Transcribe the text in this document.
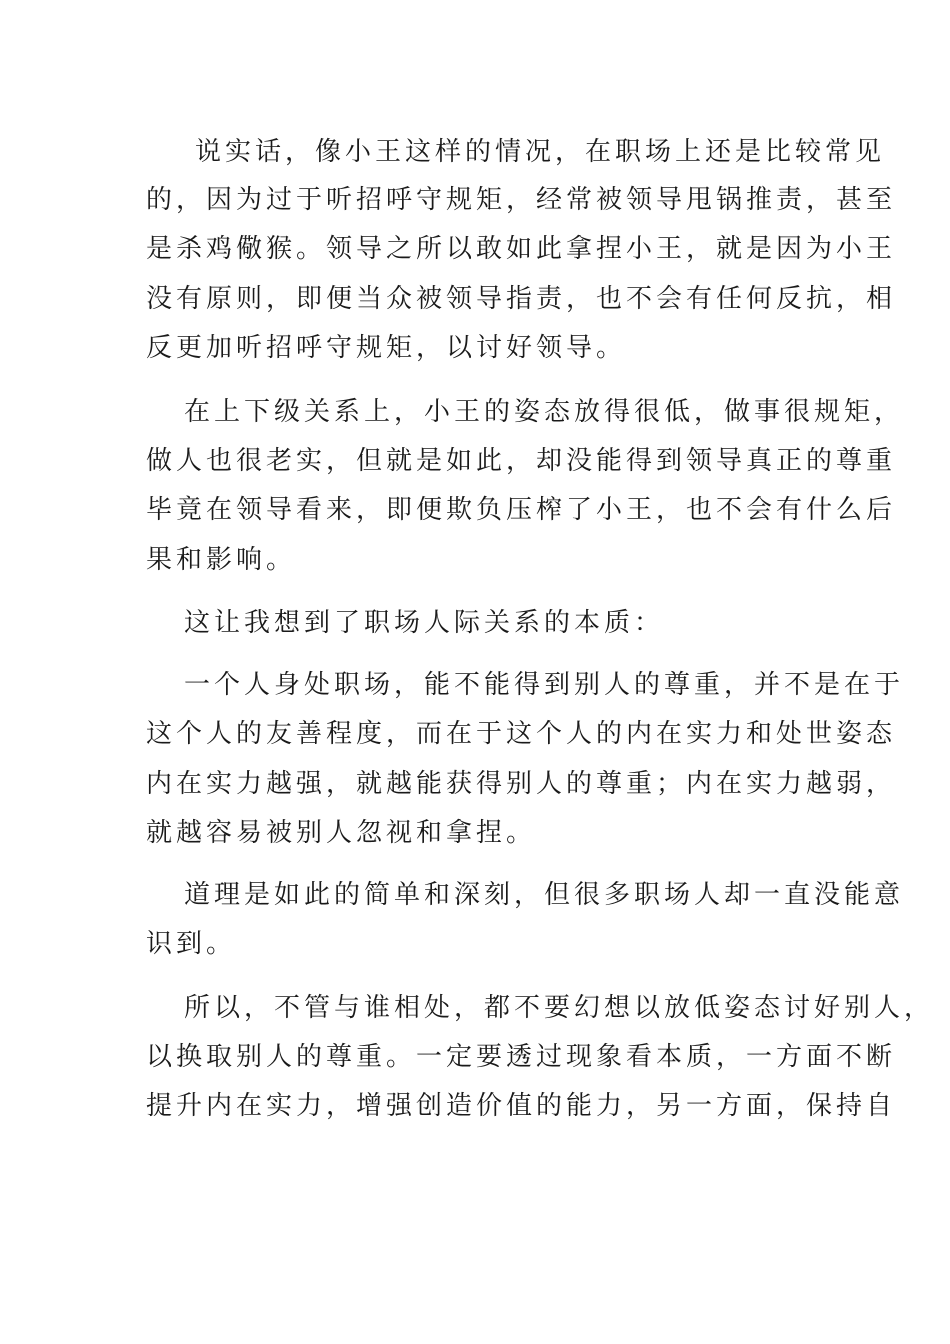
说实话，像小王这样的情况，在职场上还是比较常见
的，因为过于听招呼守规矩，经常被领导甩锅推责，甚至
是杀鸡儆猴。领导之所以敢如此拿捏小王，就是因为小王
没有原则，即便当众被领导指责，也不会有任何反抗，相
反更加听招呼守规矩，以讨好领导。
在上下级关系上，小王的姿态放得很低，做事很规矩，
做人也很老实，但就是如此，却没能得到领导真正的尊重
毕竟在领导看来，即便欺负压榨了小王，也不会有什么后
果和影响。
这让我想到了职场人际关系的本质：
一个人身处职场，能不能得到别人的尊重，并不是在于
这个人的友善程度，而在于这个人的内在实力和处世姿态
内在实力越强，就越能获得别人的尊重；内在实力越弱，
就越容易被别人忽视和拿捏。
道理是如此的简单和深刻，但很多职场人却一直没能意
识到。
所以，不管与谁相处，都不要幻想以放低姿态讨好别人，
以换取别人的尊重。一定要透过现象看本质，一方面不断
提升内在实力，增强创造价值的能力，另一方面，保持自
